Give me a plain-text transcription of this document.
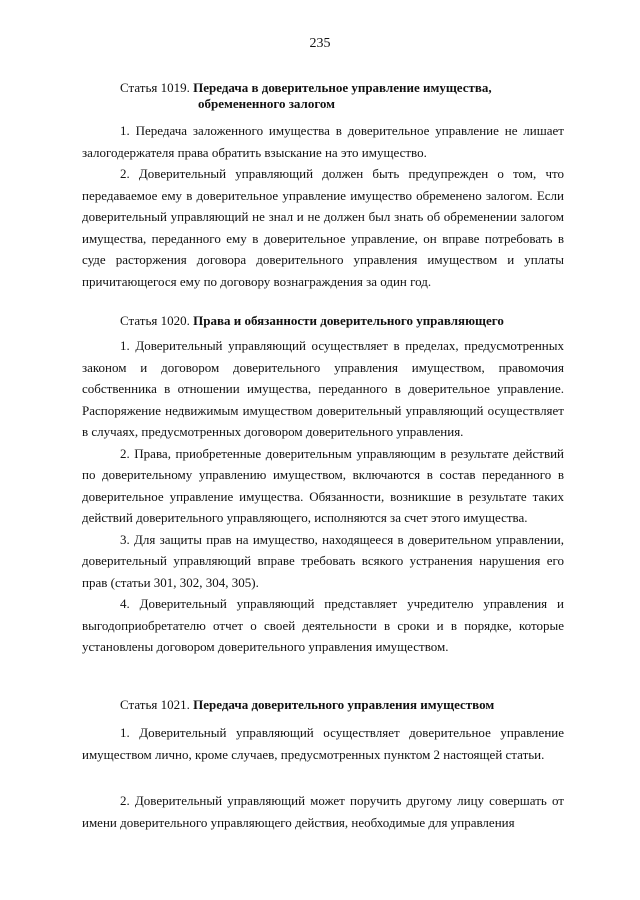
235
Статья 1019. Передача в доверительное управление имущества,
обремененного залогом

1. Передача заложенного имущества в доверительное управление не лишает залогодержателя права обратить взыскание на это имущество.

2. Доверительный управляющий должен быть предупрежден о том, что передаваемое ему в доверительное управление имущество обременено залогом. Если доверительный управляющий не знал и не должен был знать об обременении залогом имущества, переданного ему в доверительное управление, он вправе потребовать в суде расторжения договора доверительного управления имуществом и уплаты причитающегося ему по договору вознаграждения за один год.

Статья 1020. Права и обязанности доверительного управляющего

1. Доверительный управляющий осуществляет в пределах, предусмотренных законом и договором доверительного управления имуществом, правомочия собственника в отношении имущества, переданного в доверительное управление. Распоряжение недвижимым имуществом доверительный управляющий осуществляет в случаях, предусмотренных договором доверительного управления.

2. Права, приобретенные доверительным управляющим в результате действий по доверительному управлению имуществом, включаются в состав переданного в доверительное управление имущества. Обязанности, возникшие в результате таких действий доверительного управляющего, исполняются за счет этого имущества.

3. Для защиты прав на имущество, находящееся в доверительном управлении, доверительный управляющий вправе требовать всякого устранения нарушения его прав (статьи 301, 302, 304, 305).

4. Доверительный управляющий представляет учредителю управления и выгодоприобретателю отчет о своей деятельности в сроки и в порядке, которые установлены договором доверительного управления имуществом.

Статья 1021. Передача доверительного управления имуществом

1. Доверительный управляющий осуществляет доверительное управление имуществом лично, кроме случаев, предусмотренных пунктом 2 настоящей статьи.

2. Доверительный управляющий может поручить другому лицу совершать от имени доверительного управляющего действия, необходимые для управления
